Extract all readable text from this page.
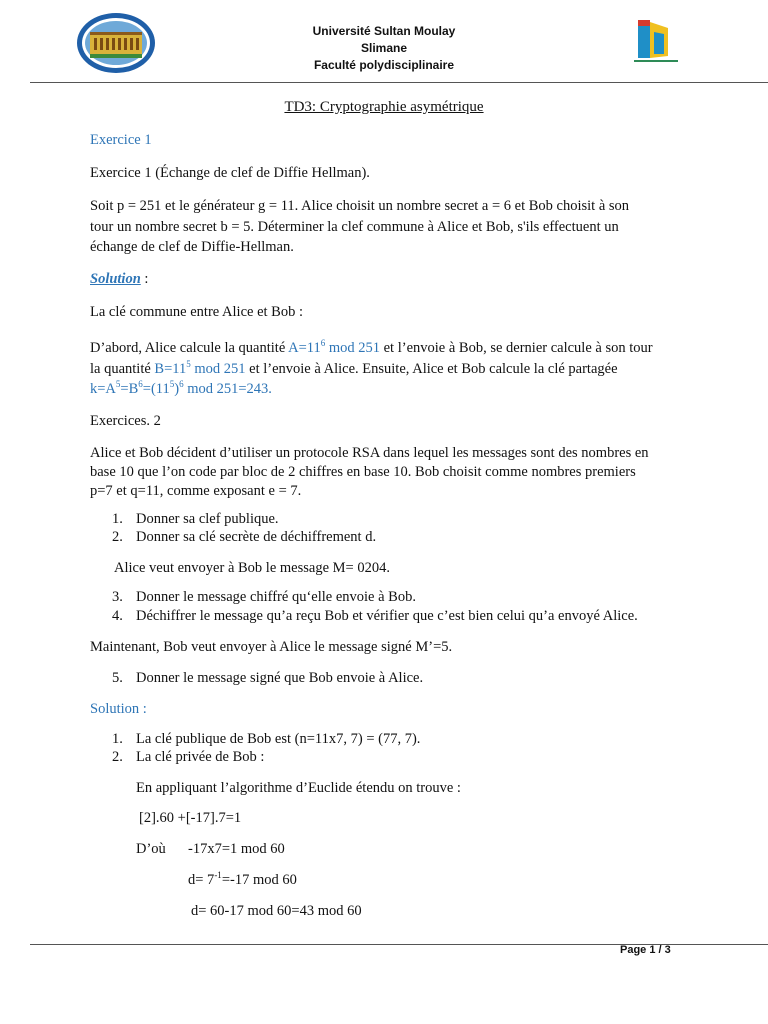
Université Sultan Moulay
Slimane
Faculté polydisciplinaire
TD3: Cryptographie asymétrique
Exercice 1
Exercice 1 (Échange de clef de Diffie Hellman).
Soit p = 251 et le générateur g = 11. Alice choisit un nombre secret a = 6 et Bob choisit à son
tour un nombre secret b = 5. Déterminer la clef commune à Alice et Bob, s'ils effectuent un
échange de clef de Diffie-Hellman.
Solution :
La clé commune entre Alice et Bob :
D’abord, Alice calcule la quantité $A=11^6$ mod 251 et l’envoie à Bob, se dernier calcule à son tour
la quantité $B=11^5$ mod 251 et l’envoie à Alice. Ensuite, Alice et Bob calcule la clé partagée
$k=A^5=B^6=(11^5)^6$ mod 251=243.
Exercices. 2
Alice et Bob décident d’utiliser un protocole RSA dans lequel les messages sont des nombres en
base 10 que l’on code par bloc de 2 chiffres en base 10. Bob choisit comme nombres premiers
p=7 et q=11, comme exposant e = 7.
1. Donner sa clef publique.
2. Donner sa clé secrète de déchiffrement d.
Alice veut envoyer à Bob le message M= 0204.
3. Donner le message chiffré qu‘elle envoie à Bob.
4. Déchiffrer le message qu’a reçu Bob et vérifier que c’est bien celui qu’a envoyé Alice.
Maintenant, Bob veut envoyer à Alice le message signé M’=5.
5. Donner le message signé que Bob envoie à Alice.
Solution :
1. La clé publique de Bob est (n=11x7, 7) = (77, 7).
2. La clé privée de Bob :
En appliquant l’algorithme d’Euclide étendu on trouve :
[2].60 +[-17].7=1
D’où -17x7=1 mod 60
$d= 7^{-1}=-17$ mod 60
d= 60-17 mod 60=43 mod 60
Page 1 / 3
